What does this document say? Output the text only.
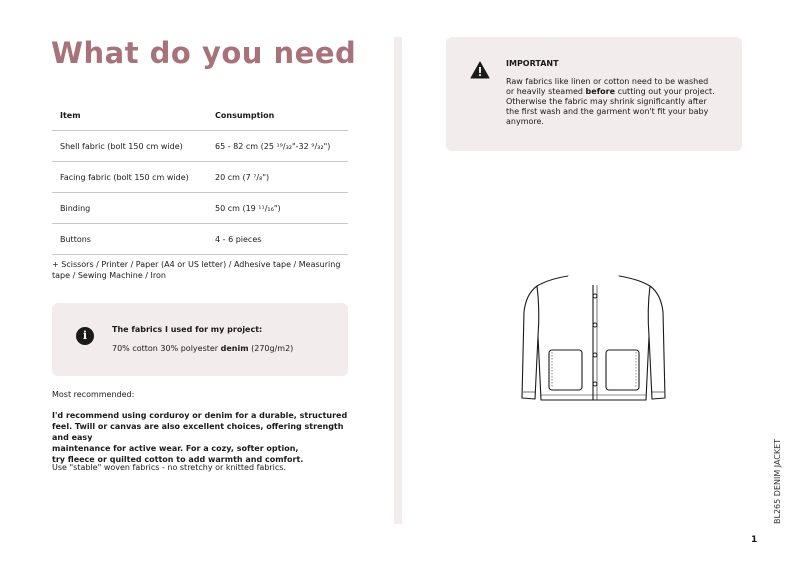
What do you need
Item	Consumption
Shell fabric (bolt 150 cm wide)	65 - 82 cm (25 ¹⁹/₃₂"-32 ⁹/₃₂")
Facing fabric (bolt 150 cm wide)	20 cm (7 ⁷/₈")
Binding	50 cm (19 ¹¹/₁₆")
Buttons	4 - 6 pieces

+ Scissors / Printer / Paper (A4 or US letter) / Adhesive tape / Measuring tape / Sewing Machine / Iron

i	The fabrics I used for my project:
70% cotton 30% polyester denim (270g/m2)

Most recommended:

I'd recommend using corduroy or denim for a durable, structured
feel. Twill or canvas are also excellent choices, offering strength and easy
maintenance for active wear. For a cozy, softer option,
try fleece or quilted cotton to add warmth and comfort.

Use "stable" woven fabrics - no stretchy or knitted fabrics.

IMPORTANT

Raw fabrics like linen or cotton need to be washed or heavily steamed before cutting out your project. Otherwise the fabric may shrink significantly after the first wash and the garment won't fit your baby anymore.

BL265 DENIM JACKET

1
